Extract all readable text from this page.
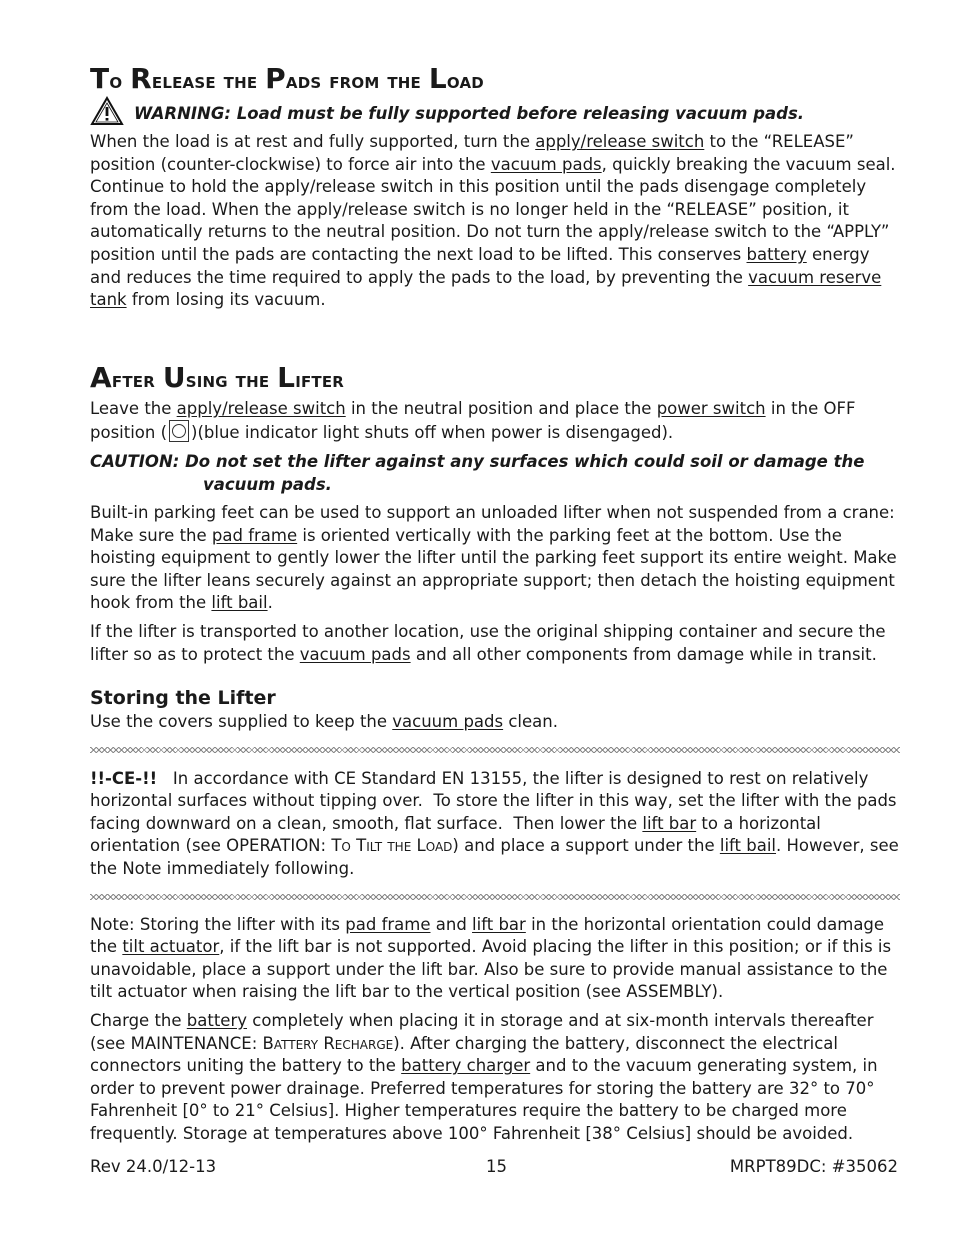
To Release the Pads from the Load
WARNING: Load must be fully supported before releasing vacuum pads.

When the load is at rest and fully supported, turn the apply/release switch to the “RELEASE” position (counter-clockwise) to force air into the vacuum pads, quickly breaking the vacuum seal. Continue to hold the apply/release switch in this position until the pads disengage completely from the load. When the apply/release switch is no longer held in the “RELEASE” position, it automatically returns to the neutral position. Do not turn the apply/release switch to the “APPLY” position until the pads are contacting the next load to be lifted. This conserves battery energy and reduces the time required to apply the pads to the load, by preventing the vacuum reserve tank from losing its vacuum.

After Using the Lifter

Leave the apply/release switch in the neutral position and place the power switch in the OFF position ( )(blue indicator light shuts off when power is disengaged).

CAUTION: Do not set the lifter against any surfaces which could soil or damage the
vacuum pads.

Built-in parking feet can be used to support an unloaded lifter when not suspended from a crane: Make sure the pad frame is oriented vertically with the parking feet at the bottom. Use the hoisting equipment to gently lower the lifter until the parking feet support its entire weight. Make sure the lifter leans securely against an appropriate support; then detach the hoisting equipment hook from the lift bail.

If the lifter is transported to another location, use the original shipping container and secure the lifter so as to protect the vacuum pads and all other components from damage while in transit.

Storing the Lifter

Use the covers supplied to keep the vacuum pads clean.

!!-CE-!!   In accordance with CE Standard EN 13155, the lifter is designed to rest on relatively horizontal surfaces without tipping over.  To store the lifter in this way, set the lifter with the pads facing downward on a clean, smooth, flat surface.  Then lower the lift bar to a horizontal orientation (see OPERATION: To Tilt the Load) and place a support under the lift bail. However, see the Note immediately following.

Note: Storing the lifter with its pad frame and lift bar in the horizontal orientation could damage the tilt actuator, if the lift bar is not supported. Avoid placing the lifter in this position; or if this is unavoidable, place a support under the lift bar. Also be sure to provide manual assistance to the tilt actuator when raising the lift bar to the vertical position (see ASSEMBLY).

Charge the battery completely when placing it in storage and at six-month intervals thereafter (see MAINTENANCE: Battery Recharge). After charging the battery, disconnect the electrical connectors uniting the battery to the battery charger and to the vacuum generating system, in order to prevent power drainage. Preferred temperatures for storing the battery are 32° to 70° Fahrenheit [0° to 21° Celsius]. Higher temperatures require the battery to be charged more frequently. Storage at temperatures above 100° Fahrenheit [38° Celsius] should be avoided.

Rev 24.0/12-13	15	MRPT89DC: #35062
